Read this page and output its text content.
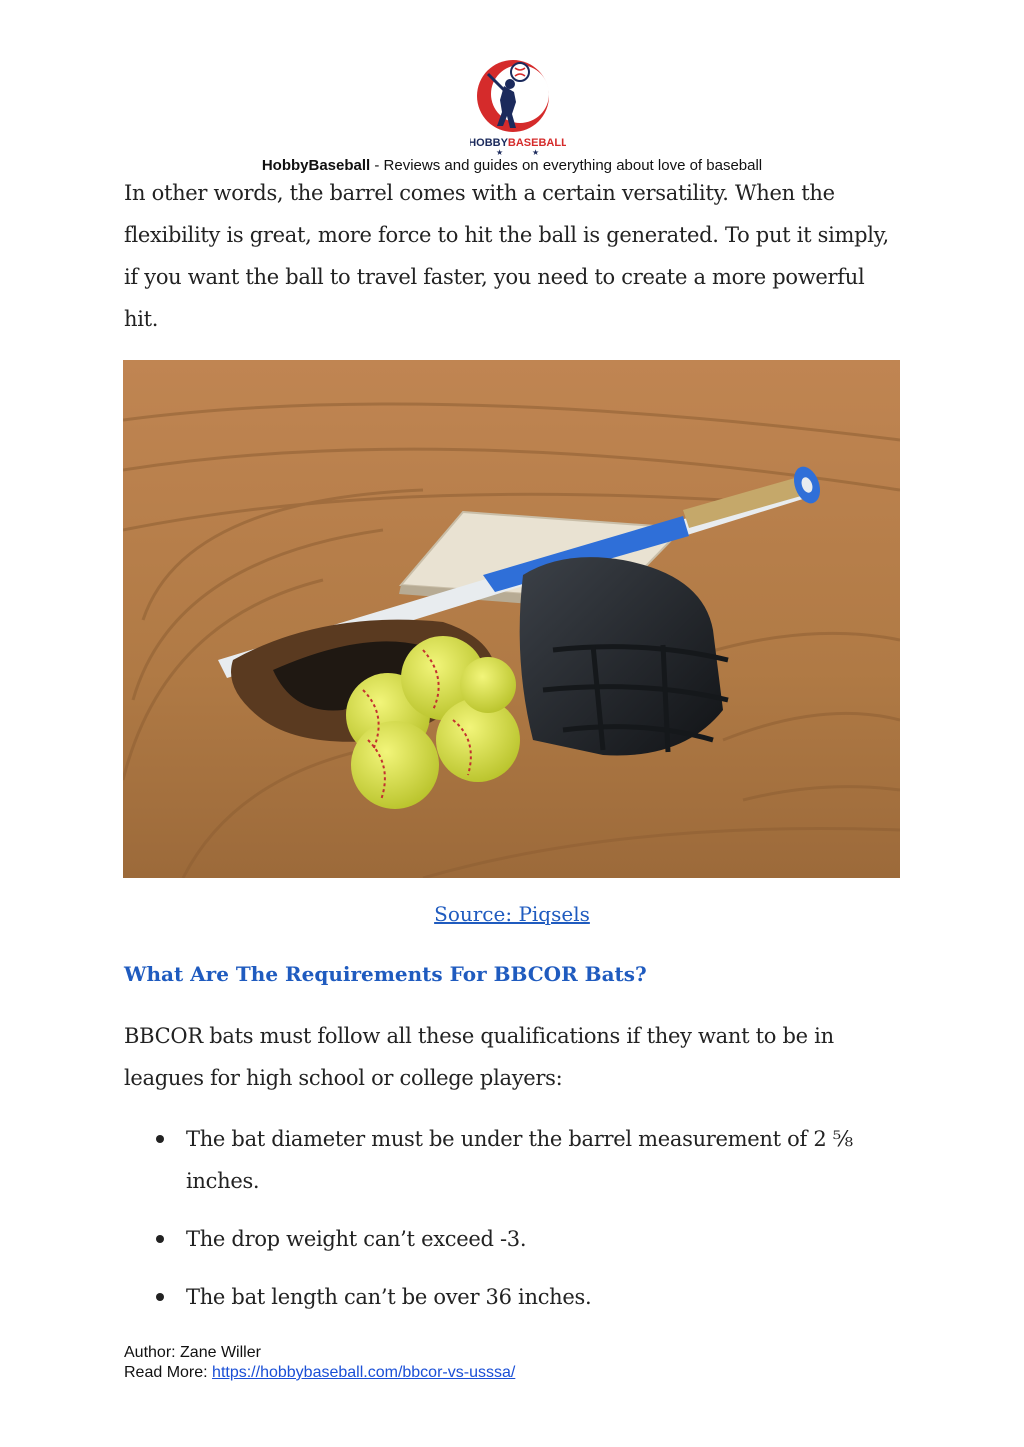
HOBBYBASEBALL
★	★
HobbyBaseball - Reviews and guides on everything about love of baseball
In other words, the barrel comes with a certain versatility. When the flexibility is great, more force to hit the ball is generated. To put it simply, if you want the ball to travel faster, you need to create a more powerful hit.
Source: Piqsels
What Are The Requirements For BBCOR Bats?
BBCOR bats must follow all these qualifications if they want to be in leagues for high school or college players:
The bat diameter must be under the barrel measurement of 2 ⅝ inches.
The drop weight can’t exceed -3.
The bat length can’t be over 36 inches.
Author: Zane Willer
Read More: https://hobbybaseball.com/bbcor-vs-usssa/
